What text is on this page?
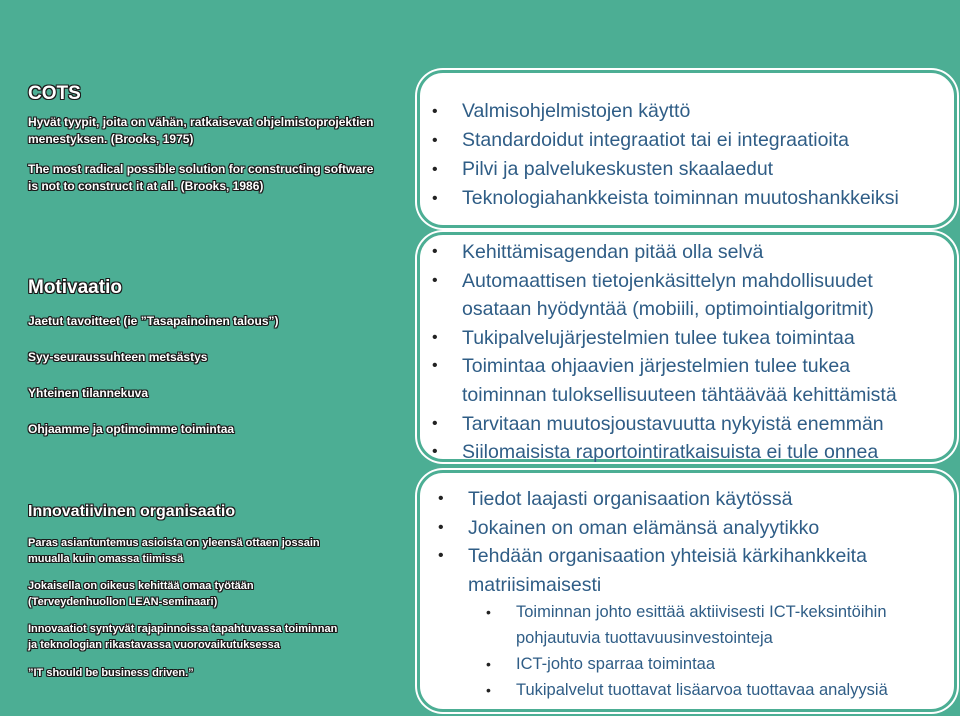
COTS
Hyvät tyypit, joita on vähän, ratkaisevat ohjelmistoprojektien
menestyksen. (Brooks, 1975)
The most radical possible solution for constructing software
is not to construct it at all. (Brooks, 1986)
Motivaatio
Jaetut tavoitteet (ie ”Tasapainoinen talous”)
Syy-seuraussuhteen metsästys
Yhteinen tilannekuva
Ohjaamme ja optimoimme toimintaa
Innovatiivinen organisaatio
Paras asiantuntemus asioista on yleensä ottaen jossain
muualla kuin omassa tiimissä
Jokaisella on oikeus kehittää omaa työtään
(Terveydenhuollon LEAN-seminaari)
Innovaatiot syntyvät rajapinnoissa tapahtuvassa toiminnan
ja teknologian rikastavassa vuorovaikutuksessa
”IT should be business driven.”
• Valmisohjelmistojen käyttö
• Standardoidut integraatiot tai ei integraatioita
• Pilvi ja palvelukeskusten skaalaedut
• Teknologiahankkeista toiminnan muutoshankkeiksi
• Kehittämisagendan pitää olla selvä
• Automaattisen tietojenkäsittelyn mahdollisuudet
osataan hyödyntää (mobiili, optimointialgoritmit)
• Tukipalvelujärjestelmien tulee tukea toimintaa
• Toimintaa ohjaavien järjestelmien tulee tukea
toiminnan tuloksellisuuteen tähtäävää kehittämistä
• Tarvitaan muutosjoustavuutta nykyistä enemmän
• Siilomaisista raportointiratkaisuista ei tule onnea
• Tiedot laajasti organisaation käytössä
• Jokainen on oman elämänsä analyytikko
• Tehdään organisaation yhteisiä kärkihankkeita
matriisimaisesti
• Toiminnan johto esittää aktiivisesti ICT-keksintöihin
pohjautuvia tuottavuusinvestointeja
• ICT-johto sparraa toimintaa
• Tukipalvelut tuottavat lisäarvoa tuottavaa analyysiä
